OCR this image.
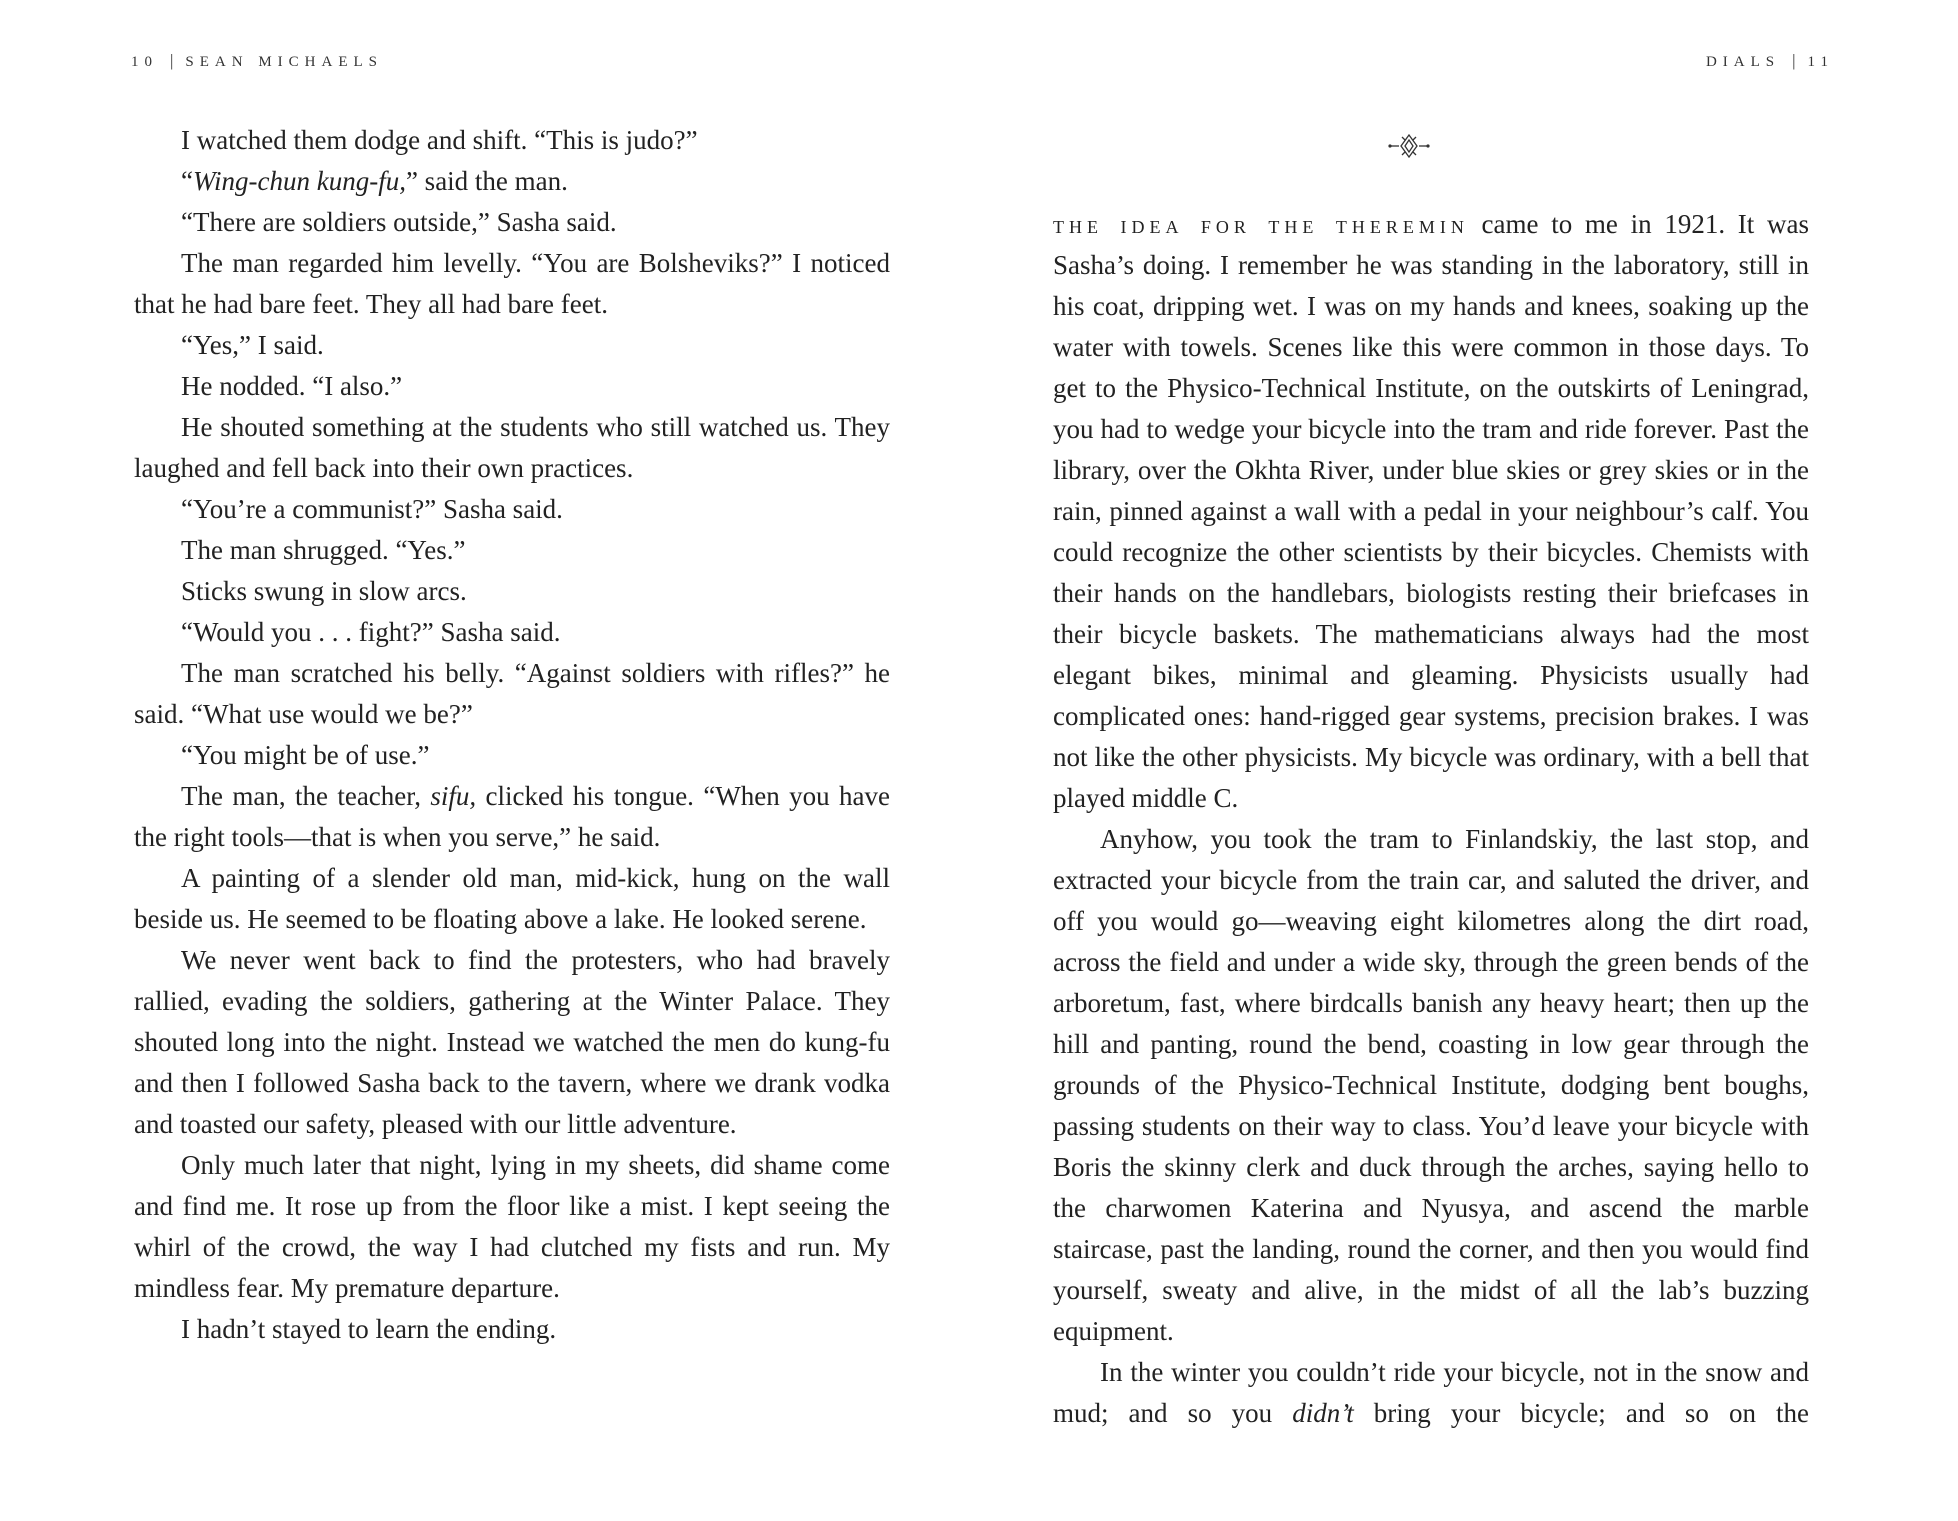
10 | SEAN MICHAELS

I watched them dodge and shift. “This is judo?”

“Wing-chun kung-fu,” said the man.

“There are soldiers outside,” Sasha said.

The man regarded him levelly. “You are Bolsheviks?” I noticed that he had bare feet. They all had bare feet.

“Yes,” I said.

He nodded. “I also.”

He shouted something at the students who still watched us. They laughed and fell back into their own practices.

“You’re a communist?” Sasha said.

The man shrugged. “Yes.”

Sticks swung in slow arcs.

“Would you . . . fight?” Sasha said.

The man scratched his belly. “Against soldiers with rifles?” he said. “What use would we be?”

“You might be of use.”

The man, the teacher, sifu, clicked his tongue. “When you have the right tools—that is when you serve,” he said.

A painting of a slender old man, mid-kick, hung on the wall beside us. He seemed to be floating above a lake. He looked serene.

We never went back to find the protesters, who had bravely rallied, evading the soldiers, gathering at the Winter Palace. They shouted long into the night. Instead we watched the men do kung-fu and then I followed Sasha back to the tavern, where we drank vodka and toasted our safety, pleased with our little adventure.

Only much later that night, lying in my sheets, did shame come and find me. It rose up from the floor like a mist. I kept seeing the whirl of the crowd, the way I had clutched my fists and run. My mindless fear. My premature departure.

I hadn’t stayed to learn the ending.

DIALS | 11

the idea for the theremin came to me in 1921. It was Sasha’s doing. I remember he was standing in the laboratory, still in his coat, dripping wet. I was on my hands and knees, soaking up the water with towels. Scenes like this were common in those days. To get to the Physico-Technical Institute, on the outskirts of Leningrad, you had to wedge your bicycle into the tram and ride forever. Past the library, over the Okhta River, under blue skies or grey skies or in the rain, pinned against a wall with a pedal in your neighbour’s calf. You could recognize the other scientists by their bicycles. Chemists with their hands on the handlebars, biologists resting their briefcases in their bicycle baskets. The mathematicians always had the most elegant bikes, minimal and gleaming. Physicists usually had complicated ones: hand-rigged gear systems, precision brakes. I was not like the other physicists. My bicycle was ordinary, with a bell that played middle C.

Anyhow, you took the tram to Finlandskiy, the last stop, and extracted your bicycle from the train car, and saluted the driver, and off you would go—weaving eight kilometres along the dirt road, across the field and under a wide sky, through the green bends of the arboretum, fast, where birdcalls banish any heavy heart; then up the hill and panting, round the bend, coasting in low gear through the grounds of the Physico-Technical Institute, dodging bent boughs, passing students on their way to class. You’d leave your bicycle with Boris the skinny clerk and duck through the arches, saying hello to the charwomen Katerina and Nyusya, and ascend the marble staircase, past the landing, round the corner, and then you would find yourself, sweaty and alive, in the midst of all the lab’s buzzing equipment.

In the winter you couldn’t ride your bicycle, not in the snow and mud; and so you didn’t bring your bicycle; and so on the
